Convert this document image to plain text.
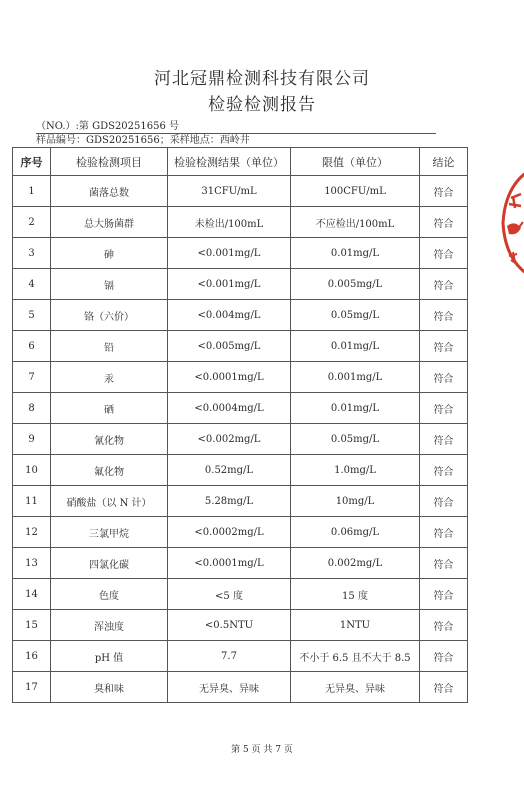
河北冠鼎检测科技有限公司
检验检测报告
（NO.）:第 GDS20251656 号
样品编号：GDS20251656；采样地点：西岭井
序号	检验检测项目	检验检测结果（单位）	限值（单位）	结论
1	菌落总数	31CFU/mL	100CFU/mL	符合
2	总大肠菌群	未检出/100mL	不应检出/100mL	符合
3	砷	<0.001mg/L	0.01mg/L	符合
4	镉	<0.001mg/L	0.005mg/L	符合
5	铬（六价）	<0.004mg/L	0.05mg/L	符合
6	铅	<0.005mg/L	0.01mg/L	符合
7	汞	<0.0001mg/L	0.001mg/L	符合
8	硒	<0.0004mg/L	0.01mg/L	符合
9	氰化物	<0.002mg/L	0.05mg/L	符合
10	氟化物	0.52mg/L	1.0mg/L	符合
11	硝酸盐（以 N 计）	5.28mg/L	10mg/L	符合
12	三氯甲烷	<0.0002mg/L	0.06mg/L	符合
13	四氯化碳	<0.0001mg/L	0.002mg/L	符合
14	色度	<5 度	15 度	符合
15	浑浊度	<0.5NTU	1NTU	符合
16	pH 值	7.7	不小于 6.5 且不大于 8.5	符合
17	臭和味	无异臭、异味	无异臭、异味	符合
第 5 页 共 7 页
